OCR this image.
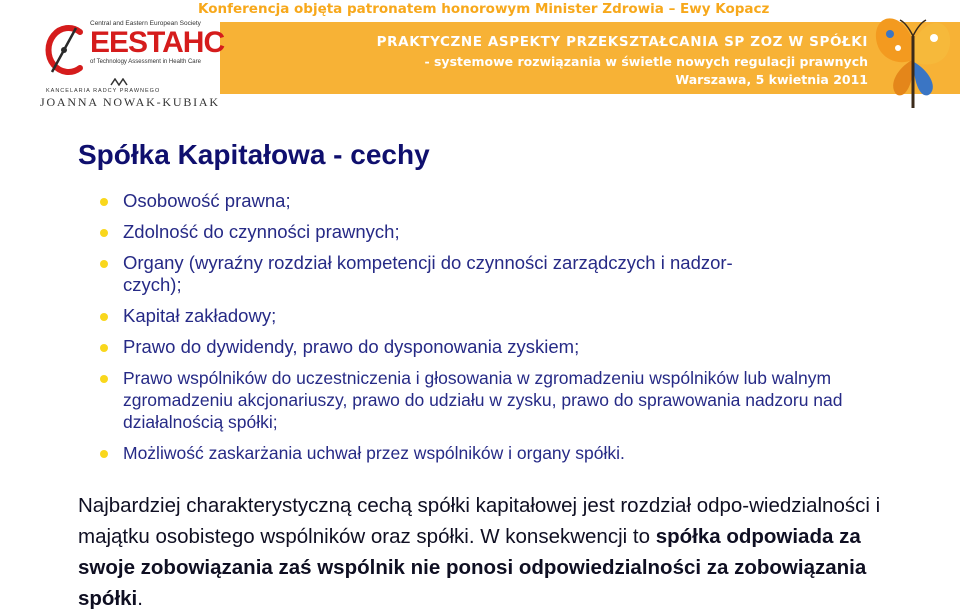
Konferencja objęta patronatem honorowym Minister Zdrowia – Ewy Kopacz
PRAKTYCZNE ASPEKTY PRZEKSZTAŁCANIA SP ZOZ W SPÓŁKI
- systemowe rozwiązania w świetle nowych regulacji prawnych
Warszawa, 5 kwietnia 2011
Central and Eastern European Society
EESTAHC
of Technology Assessment in Health Care
KANCELARIA RADCY PRAWNEGO
JOANNA NOWAK-KUBIAK
Spółka Kapitałowa - cechy
Osobowość prawna;
Zdolność do czynności prawnych;
Organy (wyraźny rozdział kompetencji do czynności zarządczych i nadzor-czych);
Kapitał zakładowy;
Prawo do dywidendy, prawo do dysponowania zyskiem;
Prawo wspólników do uczestniczenia i głosowania w zgromadzeniu wspólników lub walnym zgromadzeniu akcjonariuszy, prawo do udziału w zysku, prawo do sprawowania nadzoru nad działalnością spółki;
Możliwość zaskarżania uchwał przez wspólników i organy spółki.

Najbardziej charakterystyczną cechą spółki kapitałowej jest rozdział odpo-wiedzialności i majątku osobistego wspólników oraz spółki. W konsekwencji to spółka odpowiada za swoje zobowiązania zaś wspólnik nie ponosi odpowiedzialności za zobowiązania spółki.
